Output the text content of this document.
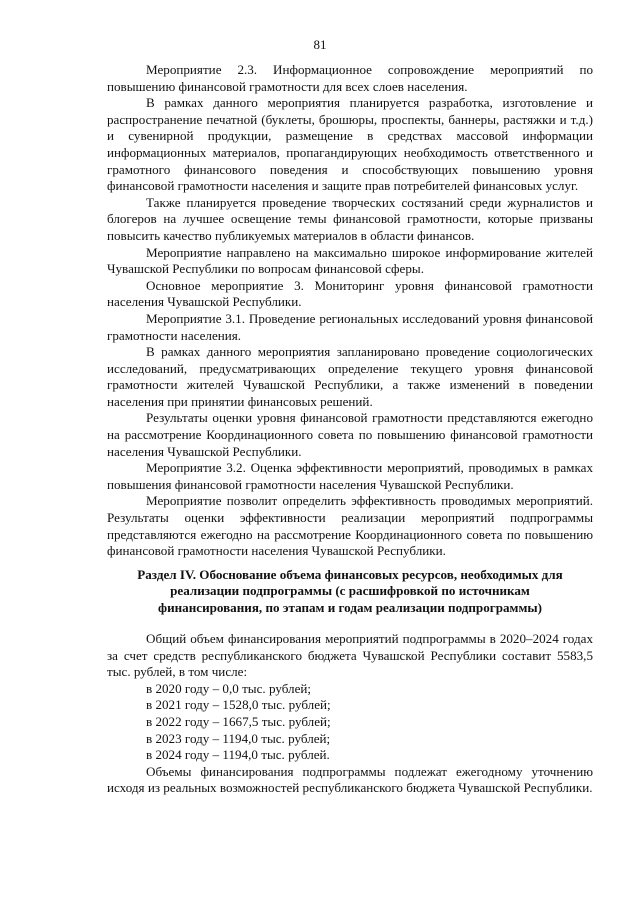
81

Мероприятие 2.3. Информационное сопровождение мероприятий по повышению финансовой грамотности для всех слоев населения.

В рамках данного мероприятия планируется разработка, изготовление и распространение печатной (буклеты, брошюры, проспекты, баннеры, растяжки и т.д.) и сувенирной продукции, размещение в средствах массовой информации информационных материалов, пропагандирующих необходимость ответственного и грамотного финансового поведения и способствующих повышению уровня финансовой грамотности населения и защите прав потребителей финансовых услуг.

Также планируется проведение творческих состязаний среди журналистов и блогеров на лучшее освещение темы финансовой грамотности, которые призваны повысить качество публикуемых материалов в области финансов.

Мероприятие направлено на максимально широкое информирование жителей Чувашской Республики по вопросам финансовой сферы.

Основное мероприятие 3. Мониторинг уровня финансовой грамотности населения Чувашской Республики.

Мероприятие 3.1. Проведение региональных исследований уровня финансовой грамотности населения.

В рамках данного мероприятия запланировано проведение социологических исследований, предусматривающих определение текущего уровня финансовой грамотности жителей Чувашской Республики, а также изменений в поведении населения при принятии финансовых решений.

Результаты оценки уровня финансовой грамотности представляются ежегодно на рассмотрение Координационного совета по повышению финансовой грамотности населения Чувашской Республики.

Мероприятие 3.2. Оценка эффективности мероприятий, проводимых в рамках повышения финансовой грамотности населения Чувашской Республики.

Мероприятие позволит определить эффективность проводимых мероприятий. Результаты оценки эффективности реализации мероприятий подпрограммы представляются ежегодно на рассмотрение Координационного совета по повышению финансовой грамотности населения Чувашской Республики.

Раздел IV. Обоснование объема финансовых ресурсов, необходимых для реализации подпрограммы (с расшифровкой по источникам финансирования, по этапам и годам реализации подпрограммы)

Общий объем финансирования мероприятий подпрограммы в 2020–2024 годах за счет средств республиканского бюджета Чувашской Республики составит 5583,5 тыс. рублей, в том числе:

в 2020 году – 0,0 тыс. рублей;

в 2021 году – 1528,0 тыс. рублей;

в 2022 году – 1667,5 тыс. рублей;

в 2023 году – 1194,0 тыс. рублей;

в 2024 году – 1194,0 тыс. рублей.

Объемы финансирования подпрограммы подлежат ежегодному уточнению исходя из реальных возможностей республиканского бюджета Чувашской Республики.
